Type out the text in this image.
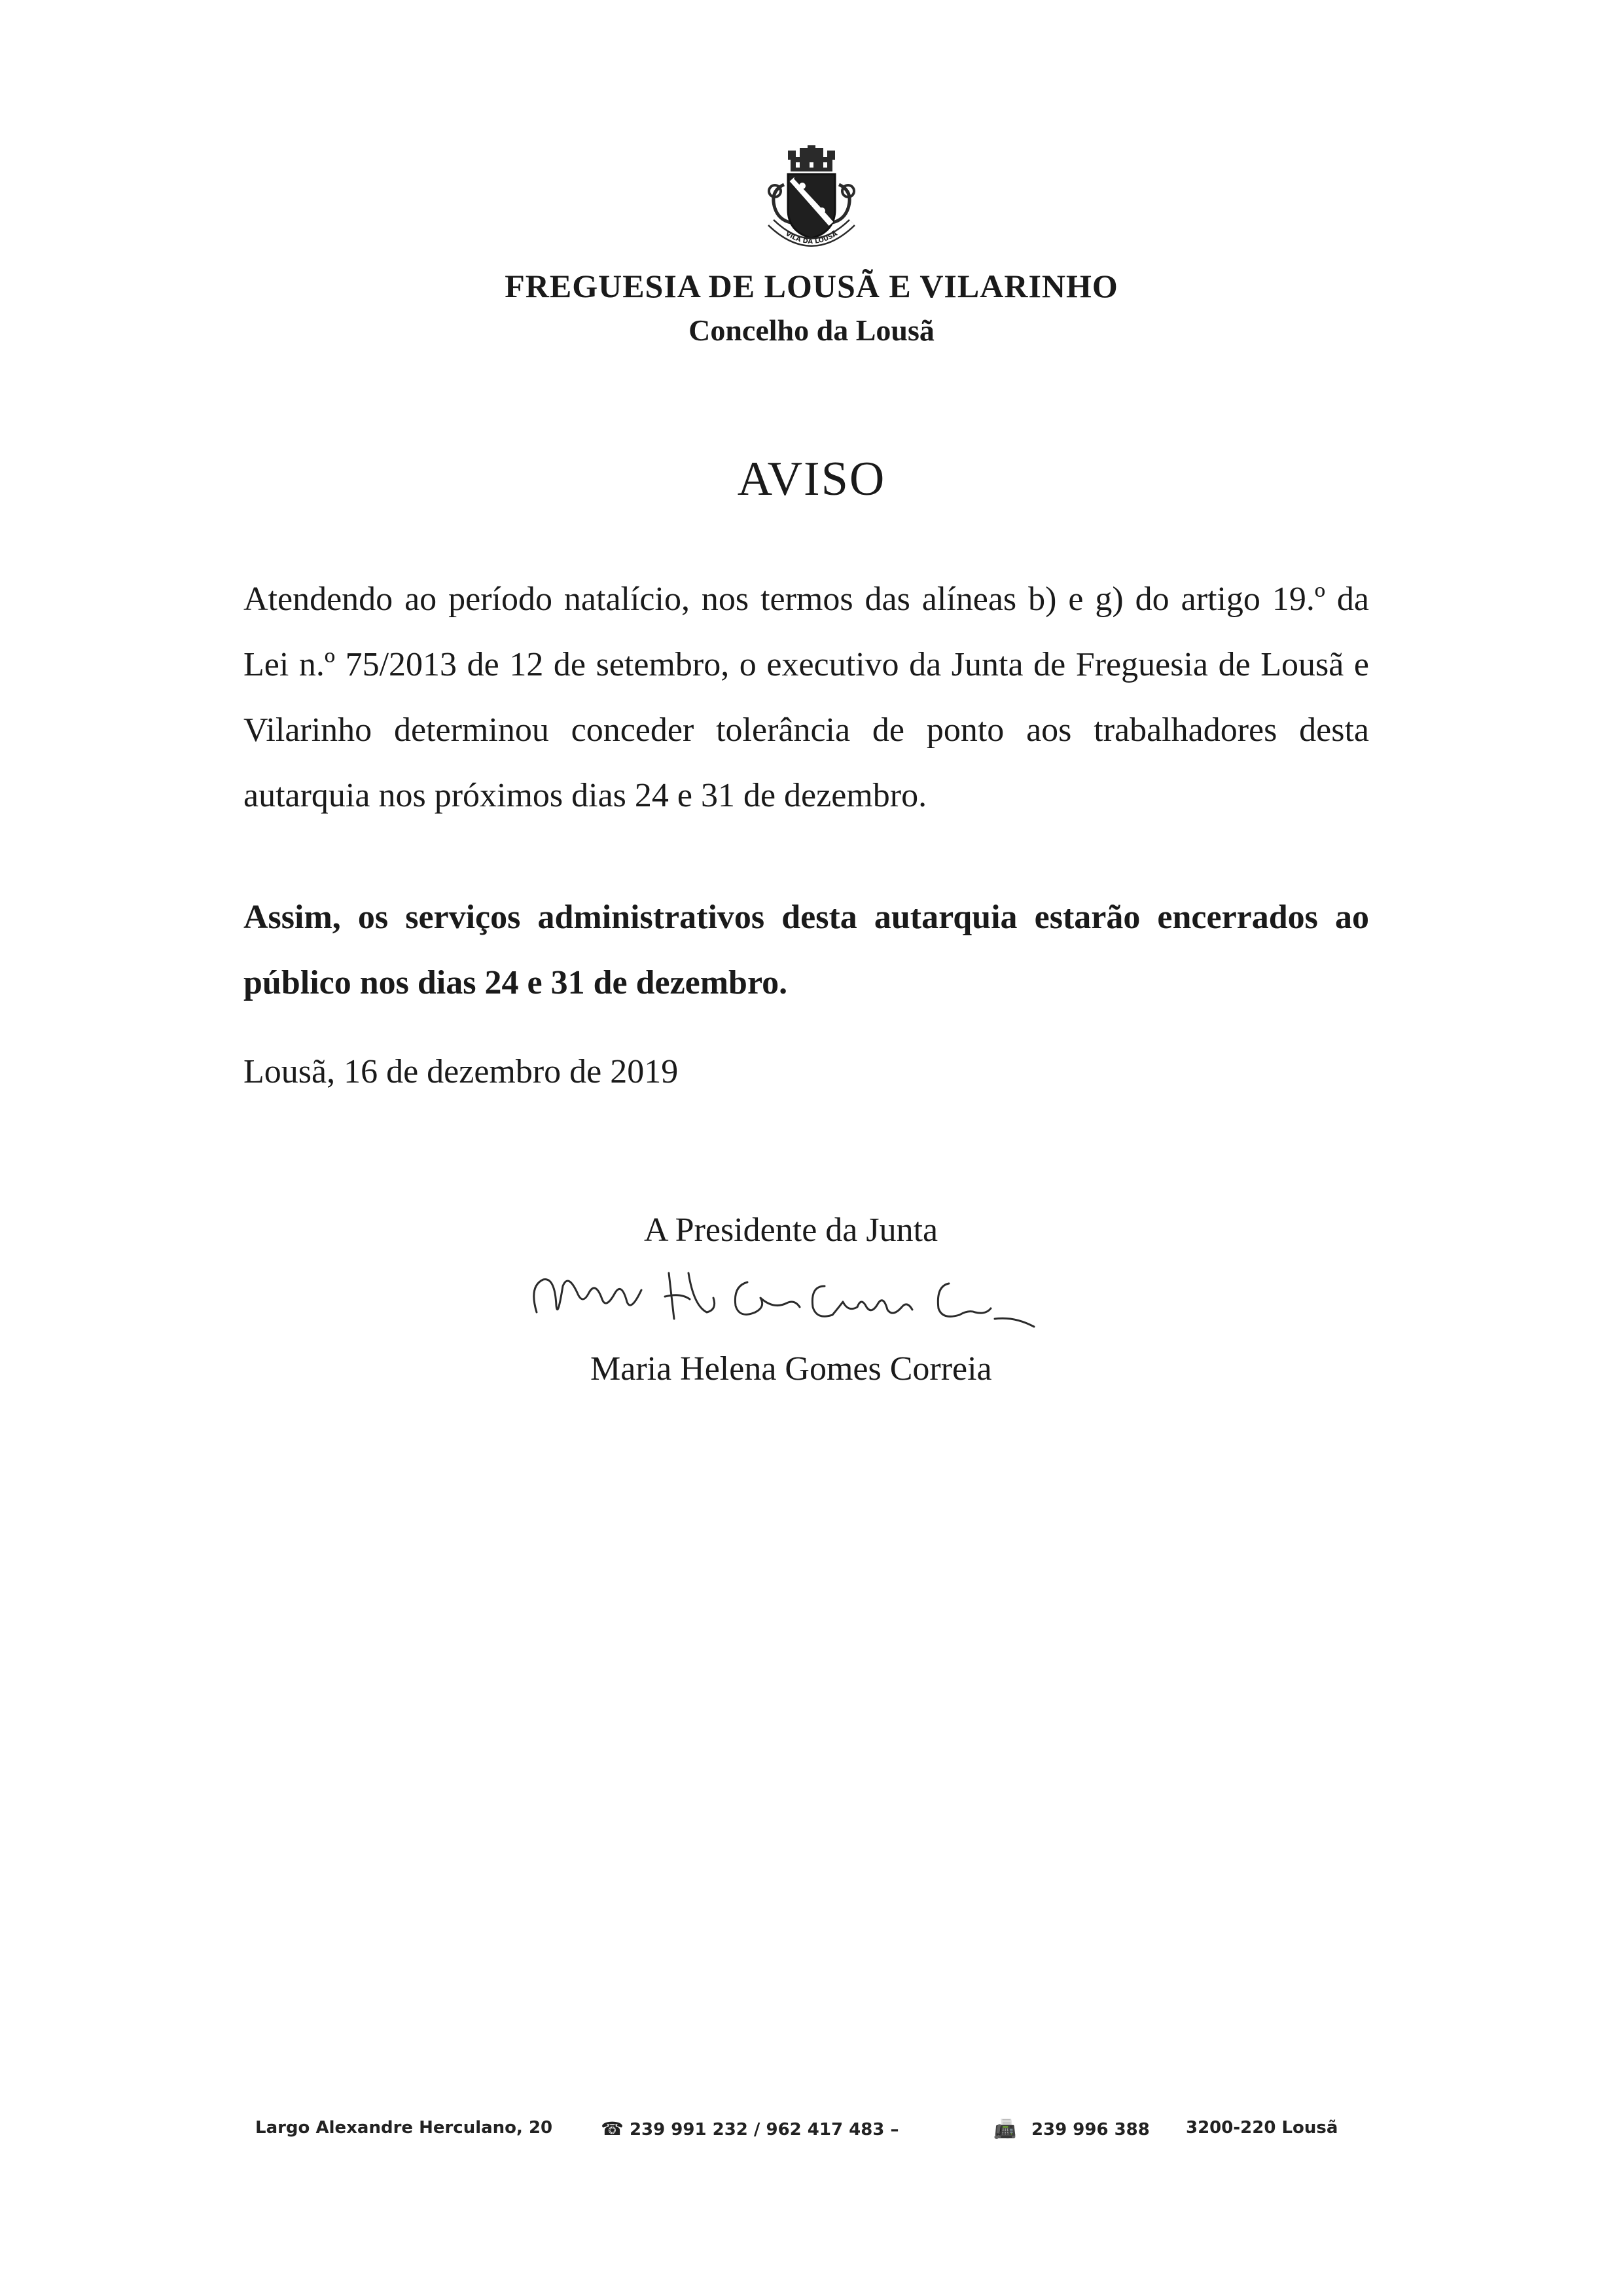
VILA DA LOUSÃ
FREGUESIA DE LOUSÃ E VILARINHO
Concelho da Lousã
AVISO

Atendendo ao período natalício, nos termos das alíneas b) e g) do artigo 19.º da Lei n.º 75/2013 de 12 de setembro, o executivo da Junta de Freguesia de Lousã e Vilarinho determinou conceder tolerância de ponto aos trabalhadores desta autarquia nos próximos dias 24 e 31 de dezembro.

Assim, os serviços administrativos desta autarquia estarão encerrados ao público nos dias 24 e 31 de dezembro.

Lousã, 16 de dezembro de 2019
A Presidente da Junta
Maria Helena Gomes Correia
Largo Alexandre Herculano, 20	☎ 239 991 232 / 962 417 483 –	📠 239 996 388 3200-220 Lousã
